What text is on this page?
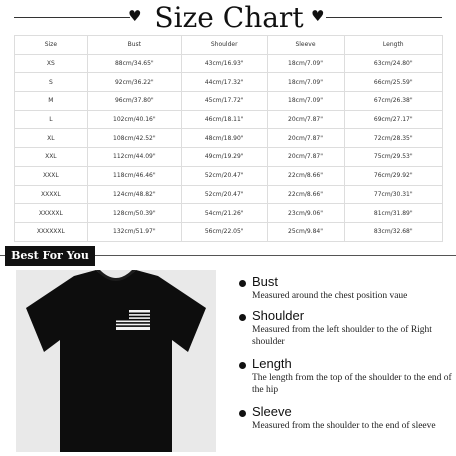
♥ Size Chart ♥
Size	Bust	Shoulder	Sleeve	Length
XS	88cm/34.65"	43cm/16.93"	18cm/7.09"	63cm/24.80"
S	92cm/36.22"	44cm/17.32"	18cm/7.09"	66cm/25.59"
M	96cm/37.80"	45cm/17.72"	18cm/7.09"	67cm/26.38"
L	102cm/40.16"	46cm/18.11"	20cm/7.87"	69cm/27.17"
XL	108cm/42.52"	48cm/18.90"	20cm/7.87"	72cm/28.35"
XXL	112cm/44.09"	49cm/19.29"	20cm/7.87"	75cm/29.53"
XXXL	118cm/46.46"	52cm/20.47"	22cm/8.66"	76cm/29.92"
XXXXL	124cm/48.82"	52cm/20.47"	22cm/8.66"	77cm/30.31"
XXXXXL	128cm/50.39"	54cm/21.26"	23cm/9.06"	81cm/31.89"
XXXXXXL	132cm/51.97"	56cm/22.05"	25cm/9.84"	83cm/32.68"
Best For You
Bust
Measured around the chest position vaue
Shoulder
Measured from the left shoulder to the of Right shoulder
Length
The length from the top of the shoulder to the end of the hip
Sleeve
Measured from the shoulder to the end of sleeve
